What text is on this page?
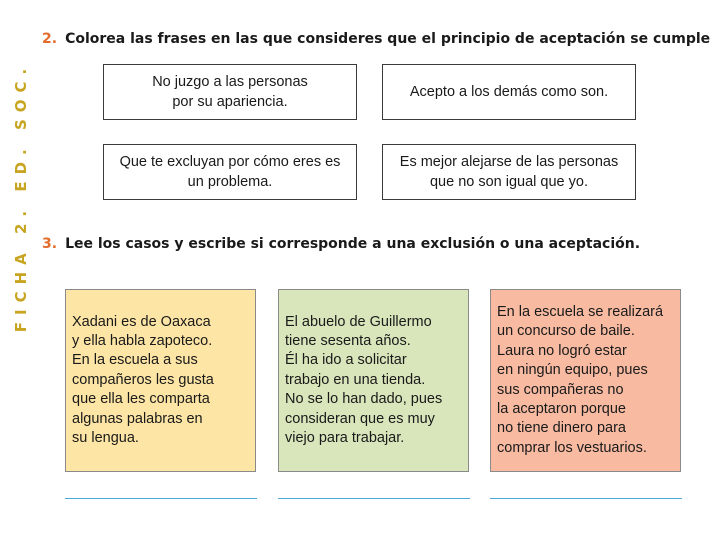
FICHA 2. ED. SOC.
2. Colorea las frases en las que consideres que el principio de aceptación se cumple
No juzgo a las personas
por su apariencia.
Acepto a los demás como son.
Que te excluyan por cómo eres es
un problema.
Es mejor alejarse de las personas
que no son igual que yo.
3. Lee los casos y escribe si corresponde a una exclusión o una aceptación.
Xadani es de Oaxaca
y ella habla zapoteco.
En la escuela a sus
compañeros les gusta
que ella les comparta
algunas palabras en
su lengua.
El abuelo de Guillermo
tiene sesenta años.
Él ha ido a solicitar
trabajo en una tienda.
No se lo han dado, pues
consideran que es muy
viejo para trabajar.
En la escuela se realizará
un concurso de baile.
Laura no logró estar
en ningún equipo, pues
sus compañeras no
la aceptaron porque
no tiene dinero para
comprar los vestuarios.
